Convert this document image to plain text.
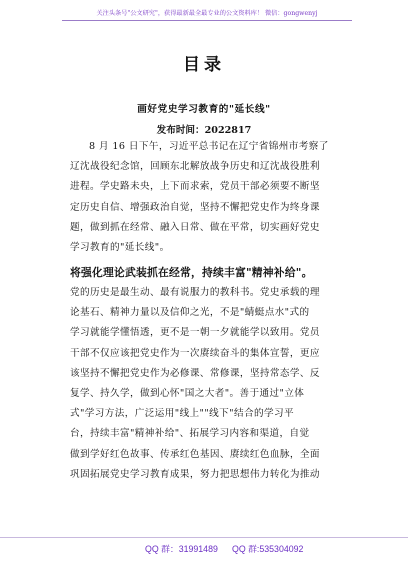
关注头条号"公文研究"，获得最新最全最专业的公文资料库！ 微信：gongwenyj
目录
画好党史学习教育的"延长线"
发布时间：2022817
8 月 16 日下午，习近平总书记在辽宁省锦州市考察了
辽沈战役纪念馆，回顾东北解放战争历史和辽沈战役胜利
进程。学史路未央，上下而求索，党员干部必须要不断坚
定历史自信、增强政治自觉，坚持不懈把党史作为终身课
题，做到抓在经常、融入日常、做在平常，切实画好党史
学习教育的"延长线"。
将强化理论武装抓在经常，持续丰富"精神补给"。
党的历史是最生动、最有说服力的教科书。党史承载的理
论基石、精神力量以及信仰之光，不是"蜻蜓点水"式的
学习就能学懂悟透，更不是一朝一夕就能学以致用。党员
干部不仅应该把党史作为一次赓续奋斗的集体宣誓，更应
该坚持不懈把党史作为必修课、常修课，坚持常态学、反
复学、持久学，做到心怀"国之大者"。善于通过"立体
式"学习方法，广泛运用"线上""线下"结合的学习平
台，持续丰富"精神补给"、拓展学习内容和渠道，自觉
做到学好红色故事、传承红色基因、赓续红色血脉，全面
巩固拓展党史学习教育成果，努力把思想伟力转化为推动
QQ 群：31991489 QQ 群:535304092
